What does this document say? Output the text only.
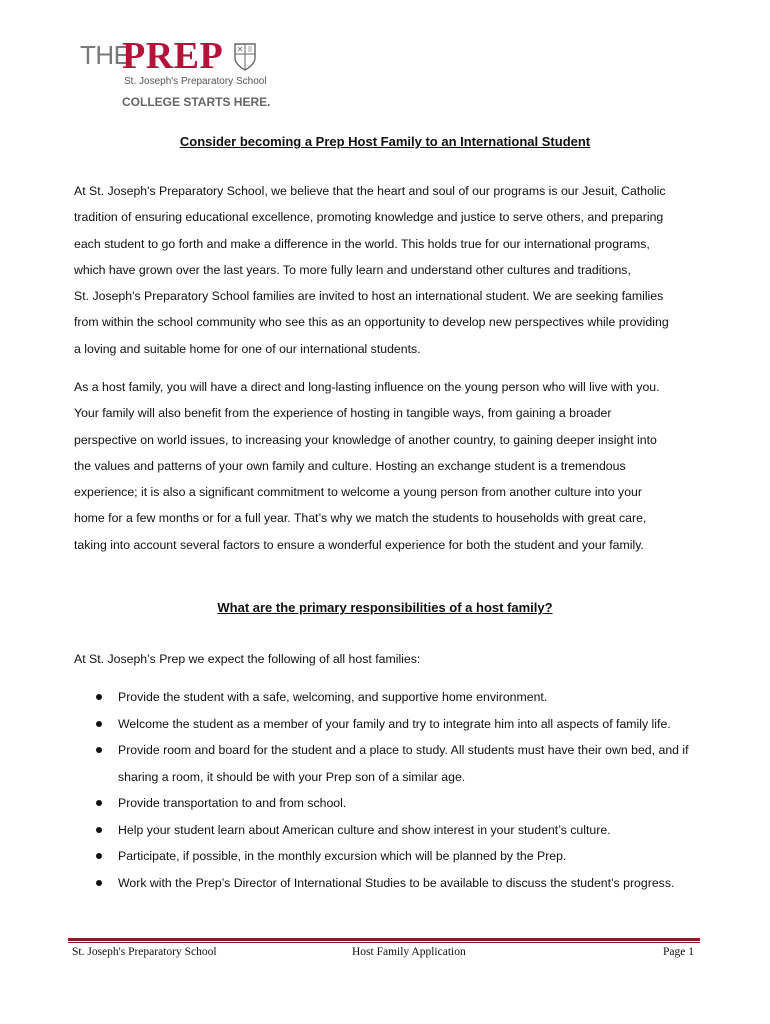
THE
PREP
St. Joseph's Preparatory School
COLLEGE STARTS HERE.
Consider becoming a Prep Host Family to an International Student

At St. Joseph's Preparatory School, we believe that the heart and soul of our programs is our Jesuit, Catholic

tradition of ensuring educational excellence, promoting knowledge and justice to serve others, and preparing

each student to go forth and make a difference in the world. This holds true for our international programs,

which have grown over the last years. To more fully learn and understand other cultures and traditions,

St. Joseph's Preparatory School families are invited to host an international student. We are seeking families

from within the school community who see this as an opportunity to develop new perspectives while providing

a loving and suitable home for one of our international students.

As a host family, you will have a direct and long-lasting influence on the young person who will live with you.

Your family will also benefit from the experience of hosting in tangible ways, from gaining a broader

perspective on world issues, to increasing your knowledge of another country, to gaining deeper insight into

the values and patterns of your own family and culture. Hosting an exchange student is a tremendous

experience; it is also a significant commitment to welcome a young person from another culture into your

home for a few months or for a full year. That’s why we match the students to households with great care,

taking into account several factors to ensure a wonderful experience for both the student and your family.

What are the primary responsibilities of a host family?
At St. Joseph’s Prep we expect the following of all host families:
Provide the student with a safe, welcoming, and supportive home environment.
Welcome the student as a member of your family and try to integrate him into all aspects of family life.
Provide room and board for the student and a place to study. All students must have their own bed, and if sharing a room, it should be with your Prep son of a similar age.
Provide transportation to and from school.
Help your student learn about American culture and show interest in your student’s culture.
Participate, if possible, in the monthly excursion which will be planned by the Prep.
Work with the Prep’s Director of International Studies to be available to discuss the student’s progress.
St. Joseph's Preparatory School	Host Family Application	Page 1
